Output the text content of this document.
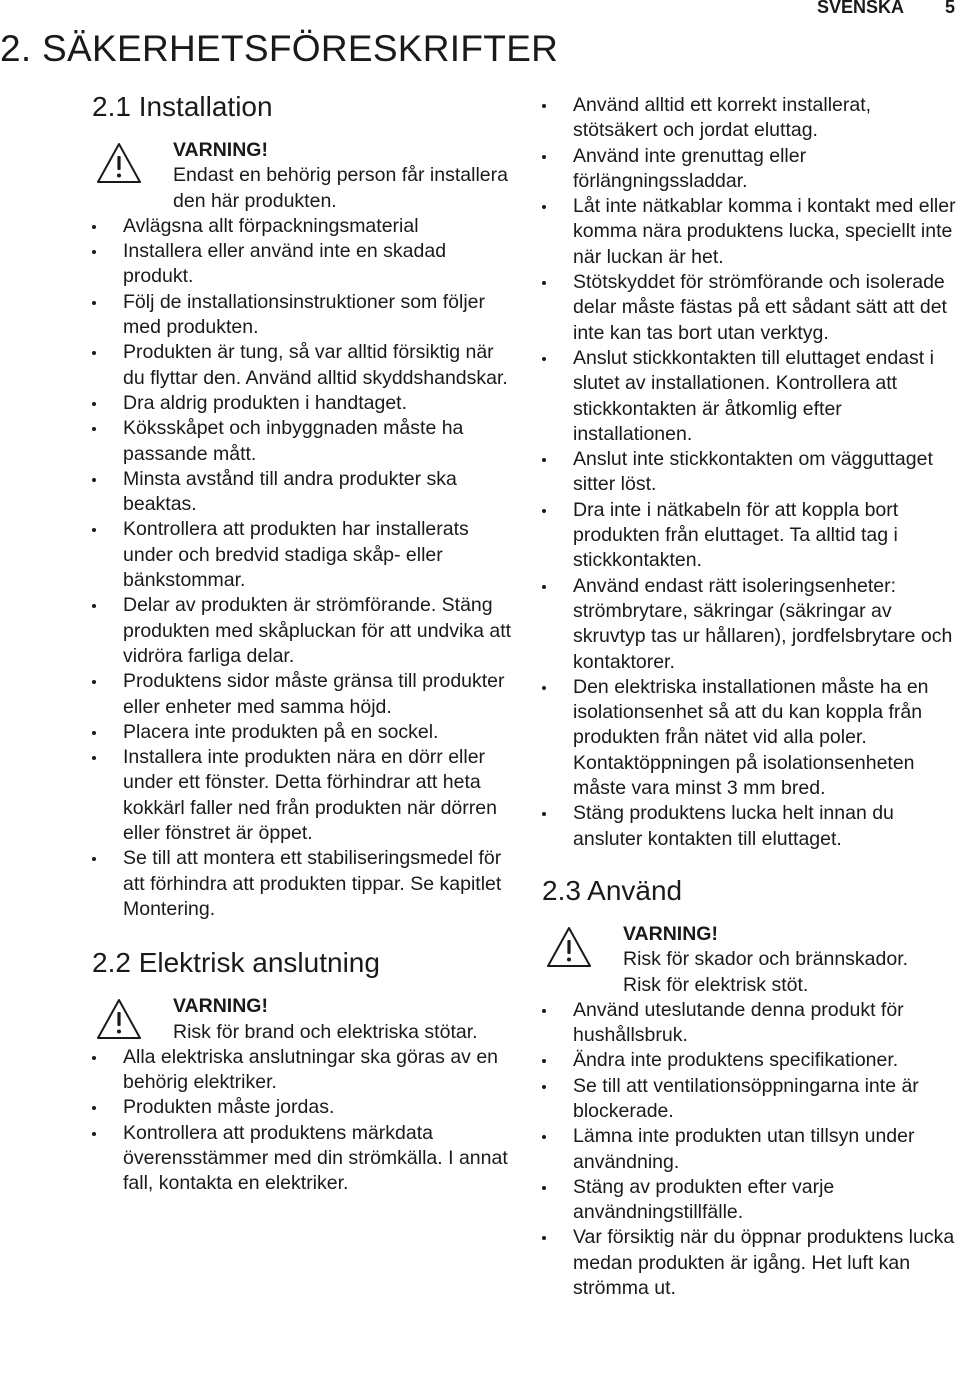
SVENSKA 5
2. SÄKERHETSFÖRESKRIFTER
2.1 Installation
VARNING!
Endast en behörig person får installera den här produkten.
Avlägsna allt förpackningsmaterial
Installera eller använd inte en skadad produkt.
Följ de installationsinstruktioner som följer med produkten.
Produkten är tung, så var alltid försiktig när du flyttar den. Använd alltid skyddshandskar.
Dra aldrig produkten i handtaget.
Köksskåpet och inbyggnaden måste ha passande mått.
Minsta avstånd till andra produkter ska beaktas.
Kontrollera att produkten har installerats under och bredvid stadiga skåp- eller bänkstommar.
Delar av produkten är strömförande. Stäng produkten med skåpluckan för att undvika att vidröra farliga delar.
Produktens sidor måste gränsa till produkter eller enheter med samma höjd.
Placera inte produkten på en sockel.
Installera inte produkten nära en dörr eller under ett fönster. Detta förhindrar att heta kokkärl faller ned från produkten när dörren eller fönstret är öppet.
Se till att montera ett stabiliseringsmedel för att förhindra att produkten tippar. Se kapitlet Montering.
2.2 Elektrisk anslutning
VARNING!
Risk för brand och elektriska stötar.
Alla elektriska anslutningar ska göras av en behörig elektriker.
Produkten måste jordas.
Kontrollera att produktens märkdata överensstämmer med din strömkälla. I annat fall, kontakta en elektriker.
Använd alltid ett korrekt installerat, stötsäkert och jordat eluttag.
Använd inte grenuttag eller förlängningssladdar.
Låt inte nätkablar komma i kontakt med eller komma nära produktens lucka, speciellt inte när luckan är het.
Stötskyddet för strömförande och isolerade delar måste fästas på ett sådant sätt att det inte kan tas bort utan verktyg.
Anslut stickkontakten till eluttaget endast i slutet av installationen. Kontrollera att stickkontakten är åtkomlig efter installationen.
Anslut inte stickkontakten om vägguttaget sitter löst.
Dra inte i nätkabeln för att koppla bort produkten från eluttaget. Ta alltid tag i stickkontakten.
Använd endast rätt isoleringsenheter: strömbrytare, säkringar (säkringar av skruvtyp tas ur hållaren), jordfelsbrytare och kontaktorer.
Den elektriska installationen måste ha en isolationsenhet så att du kan koppla från produkten från nätet vid alla poler. Kontaktöppningen på isolationsenheten måste vara minst 3 mm bred.
Stäng produktens lucka helt innan du ansluter kontakten till eluttaget.
2.3 Använd
VARNING!
Risk för skador och brännskador.
Risk för elektrisk stöt.
Använd uteslutande denna produkt för hushållsbruk.
Ändra inte produktens specifikationer.
Se till att ventilationsöppningarna inte är blockerade.
Lämna inte produkten utan tillsyn under användning.
Stäng av produkten efter varje användningstillfälle.
Var försiktig när du öppnar produktens lucka medan produkten är igång. Het luft kan strömma ut.
